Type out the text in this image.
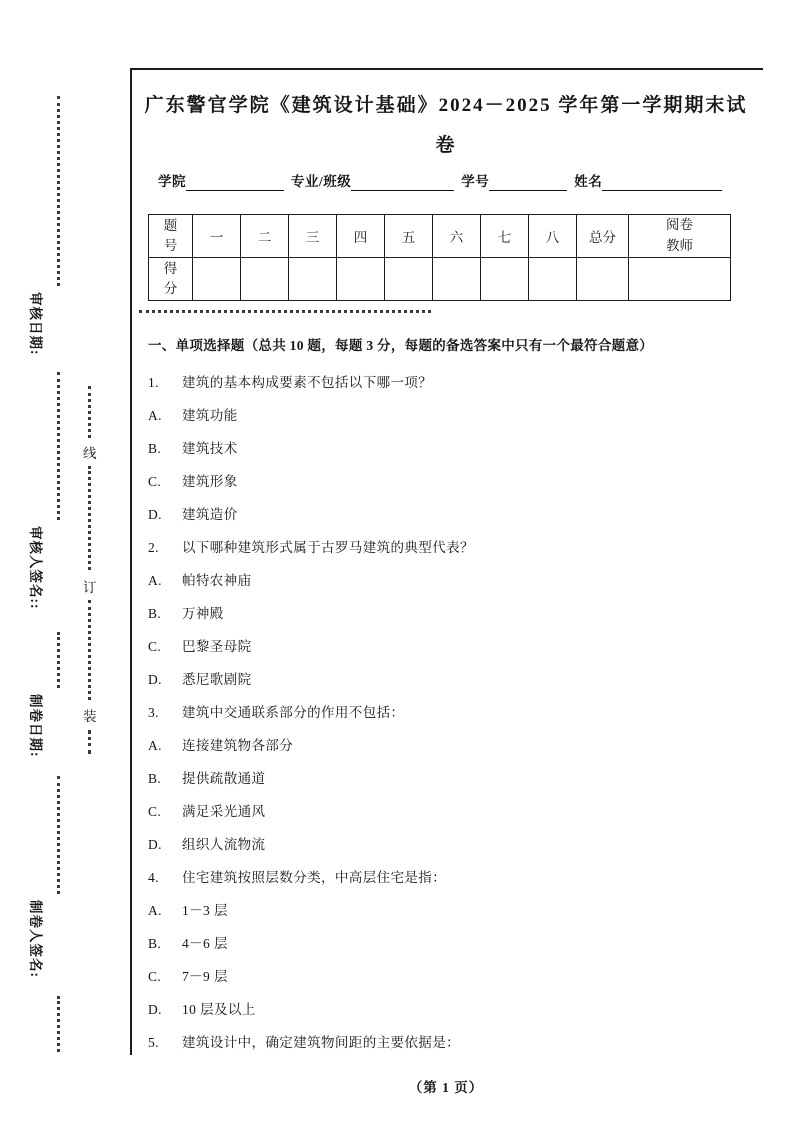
审核日期:
审核人签名::
制卷日期:
制卷人签名:
线
订
装
广东警官学院《建筑设计基础》2024－2025 学年第一学期期末试
卷
学院	专业/班级	学号	姓名
题号	一	二	三	四	五	六	七	八	总分	阅卷教师
得分										
一、单项选择题（总共 10 题，每题 3 分，每题的备选答案中只有一个最符合题意）
1. 建筑的基本构成要素不包括以下哪一项？
A. 建筑功能
B. 建筑技术
C. 建筑形象
D. 建筑造价
2. 以下哪种建筑形式属于古罗马建筑的典型代表？
A. 帕特农神庙
B. 万神殿
C. 巴黎圣母院
D. 悉尼歌剧院
3. 建筑中交通联系部分的作用不包括：
A. 连接建筑物各部分
B. 提供疏散通道
C. 满足采光通风
D. 组织人流物流
4. 住宅建筑按照层数分类，中高层住宅是指：
A. 1－3 层
B. 4－6 层
C. 7－9 层
D. 10 层及以上
5. 建筑设计中，确定建筑物间距的主要依据是：
（第 1 页）
